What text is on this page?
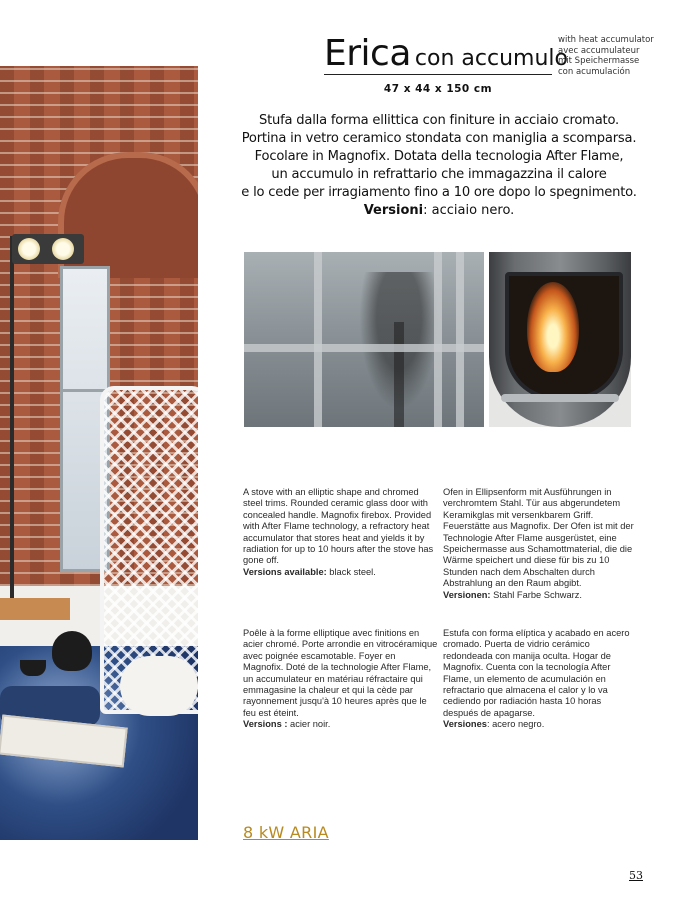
Erica con accumulo
with heat accumulator
avec accumulateur
mit Speichermasse
con acumulación
47 x 44 x 150 cm
Stufa dalla forma ellittica con finiture in acciaio cromato.
Portina in vetro ceramico stondata con maniglia a scomparsa.
Focolare in Magnofix. Dotata della tecnologia After Flame,
un accumulo in refrattario che immagazzina il calore
e lo cede per irragiamento fino a 10 ore dopo lo spegnimento.
Versioni: acciaio nero.
A stove with an elliptic shape and chromed steel trims. Rounded ceramic glass door with concealed handle. Magnofix firebox. Provided with After Flame technology, a refractory heat accumulator that stores heat and yields it by radiation for up to 10 hours after the stove has gone off.
Versions available: black steel.
Ofen in Ellipsenform mit Ausführungen in verchromtem Stahl. Tür aus abgerundetem Keramikglas mit versenkbarem Griff. Feuerstätte aus Magnofix. Der Ofen ist mit der Technologie After Flame ausgerüstet, eine Speichermasse aus Schamottmaterial, die die Wärme speichert und diese für bis zu 10 Stunden nach dem Abschalten durch Abstrahlung an den Raum abgibt.
Versionen: Stahl Farbe Schwarz.
Poêle à la forme elliptique avec finitions en acier chromé. Porte arrondie en vitrocéramique avec poignée escamotable. Foyer en Magnofix. Doté de la technologie After Flame, un accumulateur en matériau réfractaire qui emmagasine la chaleur et qui la cède par rayonnement jusqu'à 10 heures après que le feu est éteint.
Versions : acier noir.
Estufa con forma elíptica y acabado en acero cromado. Puerta de vidrio cerámico redondeada con manija oculta. Hogar de Magnofix. Cuenta con la tecnología After Flame, un elemento de acumulación en refractario que almacena el calor y lo va cediendo por radiación hasta 10 horas después de apagarse.
Versiones: acero negro.
8 kW ARIA
53
